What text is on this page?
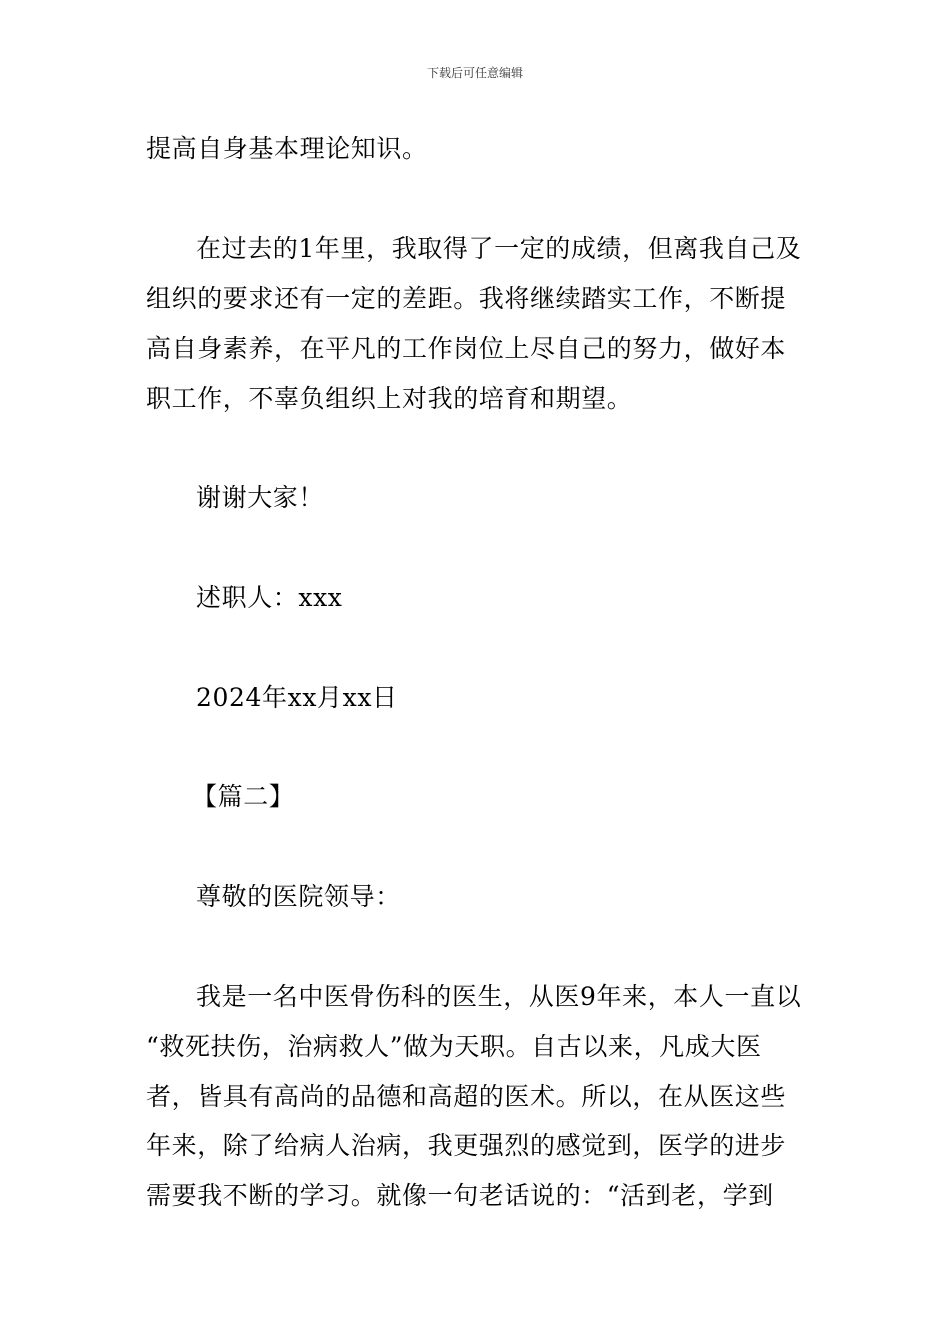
下载后可任意编辑
提高自身基本理论知识。
在过去的1年里，我取得了一定的成绩，但离我自己及
组织的要求还有一定的差距。我将继续踏实工作，不断提
高自身素养，在平凡的工作岗位上尽自己的努力，做好本
职工作，不辜负组织上对我的培育和期望。
谢谢大家！
述职人：xxx
2024年xx月xx日
【篇二】
尊敬的医院领导：
我是一名中医骨伤科的医生，从医9年来，本人一直以
“救死扶伤，治病救人”做为天职。自古以来，凡成大医
者，皆具有高尚的品德和高超的医术。所以，在从医这些
年来，除了给病人治病，我更强烈的感觉到，医学的进步
需要我不断的学习。就像一句老话说的：“活到老，学到
